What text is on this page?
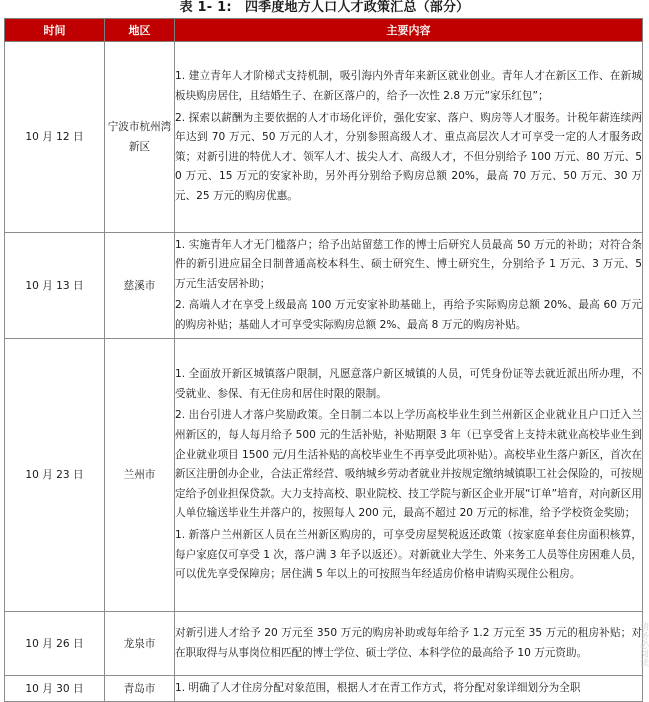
表 1- 1:　四季度地方人口人才政策汇总（部分）
时间	地区	主要内容
10 月 12 日	宁波市杭州湾新区	1. 建立青年人才阶梯式支持机制，吸引海内外青年来新区就业创业。青年人才在新区工作、在新城板块购房居住，且结婚生子、在新区落户的，给予一次性 2.8 万元“家乐红包”；

2. 探索以薪酬为主要依据的人才市场化评价，强化安家、落户、购房等人才服务。计税年薪连续两年达到 70 万元、50 万元的人才，分别参照高级人才、重点高层次人才可享受一定的人才服务政策；对新引进的特优人才、领军人才、拔尖人才、高级人才，不但分别给予 100 万元、80 万元、50 万元、15 万元的安家补助，另外再分别给予购房总额 20%，最高 70 万元、50 万元、30 万元、25 万元的购房优惠。

10 月 13 日	慈溪市	1. 实施青年人才无门槛落户；给予出站留慈工作的博士后研究人员最高 50 万元的补助；对符合条件的新引进应届全日制普通高校本科生、硕士研究生、博士研究生，分别给予 1 万元、3 万元、5 万元生活安居补助；

2. 高端人才在享受上级最高 100 万元安家补助基础上，再给予实际购房总额 20%、最高 60 万元的购房补贴；基础人才可享受实际购房总额 2%、最高 8 万元的购房补贴。

10 月 23 日	兰州市	1. 全面放开新区城镇落户限制，凡愿意落户新区城镇的人员，可凭身份证等去就近派出所办理，不受就业、参保、有无住房和居住时限的限制。

2. 出台引进人才落户奖励政策。全日制二本以上学历高校毕业生到兰州新区企业就业且户口迁入兰州新区的，每人每月给予 500 元的生活补贴，补贴期限 3 年（已享受省上支持未就业高校毕业生到企业就业项目 1500 元/月生活补贴的高校毕业生不再享受此项补贴）。高校毕业生落户新区，首次在新区注册创办企业，合法正常经营、吸纳城乡劳动者就业并按规定缴纳城镇职工社会保险的，可按规定给予创业担保贷款。大力支持高校、职业院校、技工学院与新区企业开展“订单”培育，对向新区用人单位输送毕业生并落户的，按照每人 200 元，最高不超过 20 万元的标准，给予学校资金奖励；

1. 新落户兰州新区人员在兰州新区购房的，可享受房屋契税返还政策（按家庭单套住房面积核算，每户家庭仅可享受 1 次，落户满 3 年予以返还）。对新就业大学生、外来务工人员等住房困难人员，可以优先享受保障房；居住满 5 年以上的可按照当年经适房价格申请购买现住公租房。

10 月 26 日	龙泉市	对新引进人才给予 20 万元至 350 万元的购房补助或每年给予 1.2 万元至 35 万元的租房补贴；对在职取得与从事岗位相匹配的博士学位、硕士学位、本科学位的最高给予 10 万元资助。

10 月 30 日	青岛市	1. 明确了人才住房分配对象范围，根据人才在青工作方式，将分配对象详细划分为全职

请务必阅读
